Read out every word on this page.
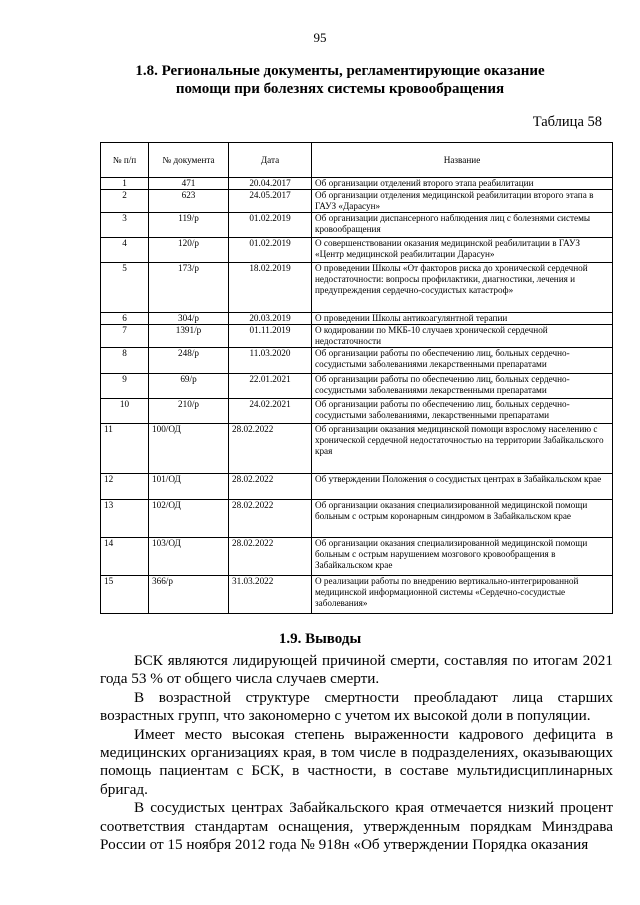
95
1.8. Региональные документы, регламентирующие оказание помощи при болезнях системы кровообращения
Таблица 58
№ п/п	№ документа	Дата	Название
1	471	20.04.2017	Об организации отделений второго этапа реабилитации
2	623	24.05.2017	Об организации отделения медицинской реабилитации второго этапа в ГАУЗ «Дарасун»
3	119/р	01.02.2019	Об организации диспансерного наблюдения лиц с болезнями системы кровообращения
4	120/р	01.02.2019	О совершенствовании оказания медицинской реабилитации в ГАУЗ «Центр медицинской реабилитации Дарасун»
5	173/р	18.02.2019	О проведении Школы «От факторов риска до хронической сердечной недостаточности: вопросы профилактики, диагностики, лечения и предупреждения сердечно-сосудистых катастроф»
6	304/р	20.03.2019	О проведении Школы антикоагулянтной терапии
7	1391/р	01.11.2019	О кодировании по МКБ-10 случаев хронической сердечной недостаточности
8	248/р	11.03.2020	Об организации работы по обеспечению лиц, больных сердечно-сосудистыми заболеваниями лекарственными препаратами
9	69/р	22.01.2021	Об организации работы по обеспечению лиц, больных сердечно-сосудистыми заболеваниями лекарственными препаратами
10	210/р	24.02.2021	Об организации работы по обеспечению лиц, больных сердечно-сосудистыми заболеваниями, лекарственными препаратами
11	100/ОД	28.02.2022	Об организации оказания медицинской помощи взрослому населению с хронической сердечной недостаточностью на территории Забайкальского края
12	101/ОД	28.02.2022	Об утверждении Положения о сосудистых центрах в Забайкальском крае
13	102/ОД	28.02.2022	Об организации оказания специализированной медицинской помощи больным с острым коронарным синдромом в Забайкальском крае
14	103/ОД	28.02.2022	Об организации оказания специализированной медицинской помощи больным с острым нарушением мозгового кровообращения в Забайкальском крае
15	366/р	31.03.2022	О реализации работы по внедрению вертикально-интегрированной медицинской информационной системы «Сердечно-сосудистые заболевания»
1.9. Выводы

БСК являются лидирующей причиной смерти, составляя по итогам 2021 года 53 % от общего числа случаев смерти.

В возрастной структуре смертности преобладают лица старших возрастных групп, что закономерно с учетом их высокой доли в популяции.

Имеет место высокая степень выраженности кадрового дефицита в медицинских организациях края, в том числе в подразделениях, оказывающих помощь пациентам с БСК, в частности, в составе мультидисциплинарных бригад.

В сосудистых центрах Забайкальского края отмечается низкий процент соответствия стандартам оснащения, утвержденным порядкам Минздрава России от 15 ноября 2012 года № 918н «Об утверждении Порядка оказания
